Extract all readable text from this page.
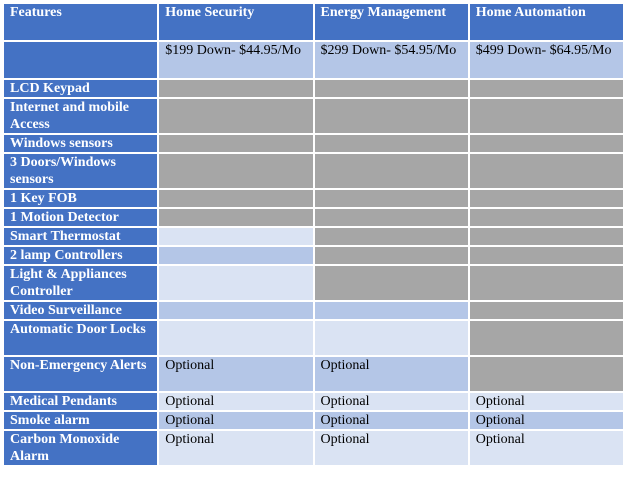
Features	Home Security	Energy Management	Home Automation
	$199 Down- $44.95/Mo	$299 Down- $54.95/Mo	$499 Down- $64.95/Mo
LCD Keypad			
Internet and mobile Access			
Windows sensors			
3 Doors/Windows sensors			
1 Key FOB			
1 Motion Detector			
Smart Thermostat			
2 lamp Controllers			
Light & Appliances Controller			
Video Surveillance			
Automatic Door Locks			
Non-Emergency Alerts	Optional	Optional	
Medical Pendants	Optional	Optional	Optional
Smoke alarm	Optional	Optional	Optional
Carbon Monoxide Alarm	Optional	Optional	Optional
